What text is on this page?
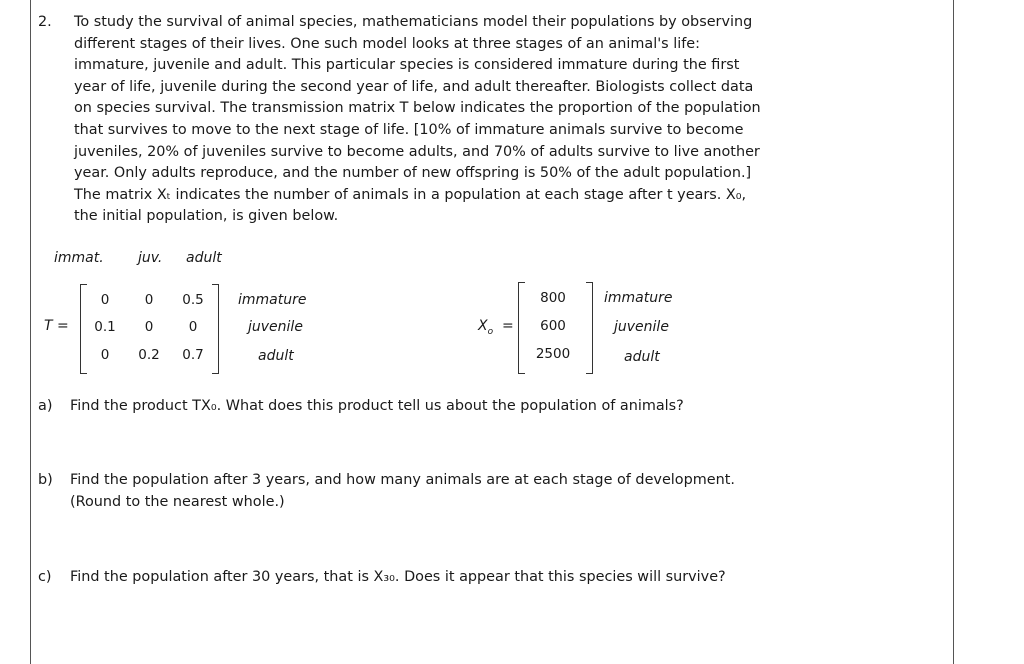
2. To study the survival of animal species, mathematicians model their populations by observing
different stages of their lives. One such model looks at three stages of an animal's life:
immature, juvenile and adult. This particular species is considered immature during the first
year of life, juvenile during the second year of life, and adult thereafter. Biologists collect data
on species survival. The transmission matrix T below indicates the proportion of the population
that survives to move to the next stage of life. [10% of immature animals survive to become
juveniles, 20% of juveniles survive to become adults, and 70% of adults survive to live another
year. Only adults reproduce, and the number of new offspring is 50% of the adult population.]
The matrix Xₜ indicates the number of animals in a population at each stage after t years. X₀,
the initial population, is given below.
immat. juv. adult
T =
0	0	0.5
0.1	0	0
0	0.2	0.7
immature
juvenile
adult
$X_o$ =
800
600
2500
immature
juvenile
adult
a) Find the product TX₀. What does this product tell us about the population of animals?
b) Find the population after 3 years, and how many animals are at each stage of development.
(Round to the nearest whole.)
c) Find the population after 30 years, that is X₃₀. Does it appear that this species will survive?
